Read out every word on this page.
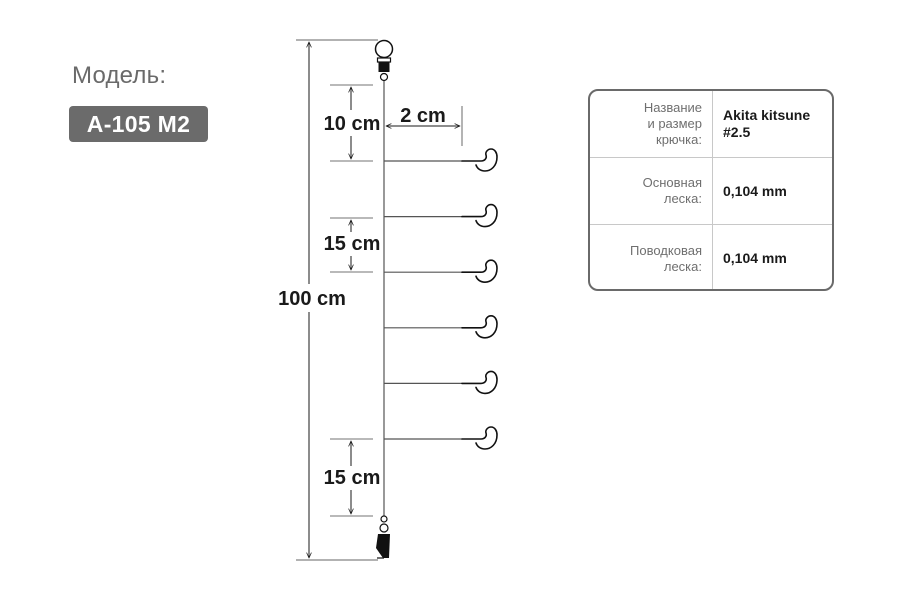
Модель:
A-105 M2
100 cm
10 cm 2 cm
15 cm
15 cm
Название
и размер
крючка:
Akita kitsune
#2.5
Основная
леска:	0,104 mm
Поводковая
леска:	0,104 mm
